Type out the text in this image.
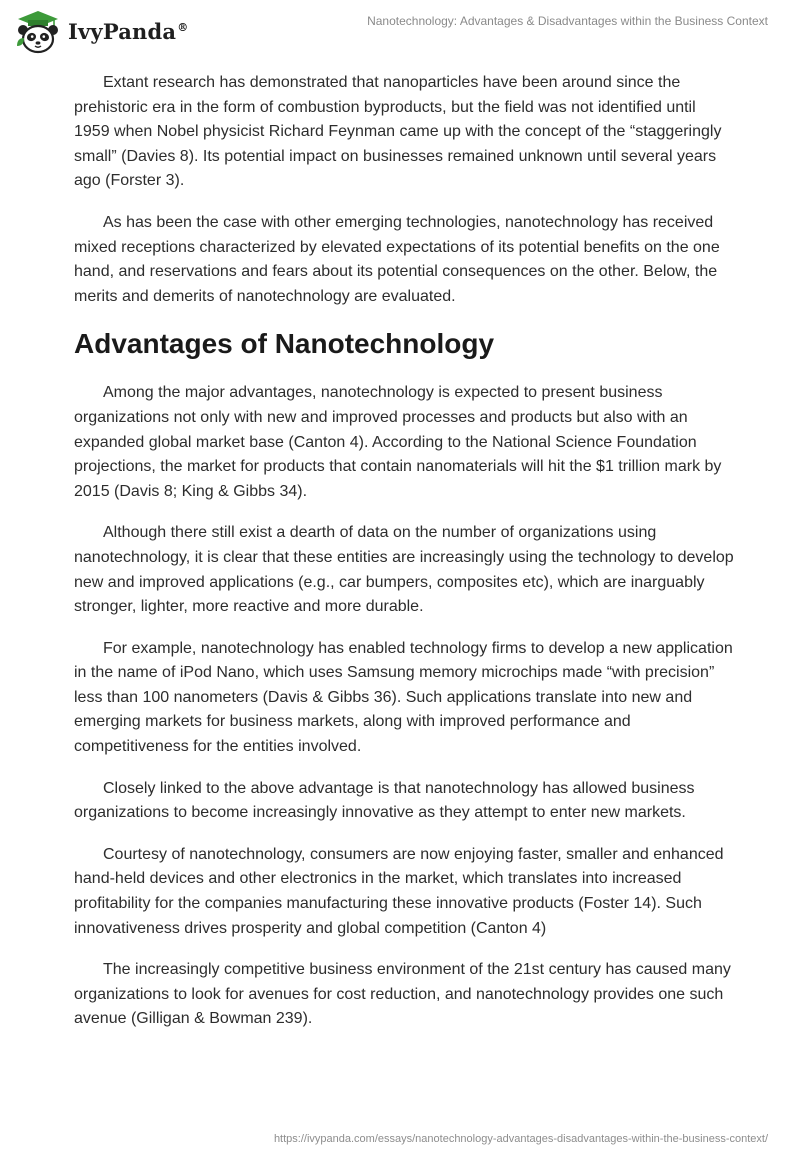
IvyPanda®	Nanotechnology: Advantages & Disadvantages within the Business Context

Extant research has demonstrated that nanoparticles have been around since the prehistoric era in the form of combustion byproducts, but the field was not identified until 1959 when Nobel physicist Richard Feynman came up with the concept of the “staggeringly small” (Davies 8). Its potential impact on businesses remained unknown until several years ago (Forster 3).

As has been the case with other emerging technologies, nanotechnology has received mixed receptions characterized by elevated expectations of its potential benefits on the one hand, and reservations and fears about its potential consequences on the other. Below, the merits and demerits of nanotechnology are evaluated.

Advantages of Nanotechnology

Among the major advantages, nanotechnology is expected to present business organizations not only with new and improved processes and products but also with an expanded global market base (Canton 4). According to the National Science Foundation projections, the market for products that contain nanomaterials will hit the $1 trillion mark by 2015 (Davis 8; King & Gibbs 34).

Although there still exist a dearth of data on the number of organizations using nanotechnology, it is clear that these entities are increasingly using the technology to develop new and improved applications (e.g., car bumpers, composites etc), which are inarguably stronger, lighter, more reactive and more durable.

For example, nanotechnology has enabled technology firms to develop a new application in the name of iPod Nano, which uses Samsung memory microchips made “with precision” less than 100 nanometers (Davis & Gibbs 36). Such applications translate into new and emerging markets for business markets, along with improved performance and competitiveness for the entities involved.

Closely linked to the above advantage is that nanotechnology has allowed business organizations to become increasingly innovative as they attempt to enter new markets.

Courtesy of nanotechnology, consumers are now enjoying faster, smaller and enhanced hand-held devices and other electronics in the market, which translates into increased profitability for the companies manufacturing these innovative products (Foster 14). Such innovativeness drives prosperity and global competition (Canton 4)

The increasingly competitive business environment of the 21st century has caused many organizations to look for avenues for cost reduction, and nanotechnology provides one such avenue (Gilligan & Bowman 239).

https://ivypanda.com/essays/nanotechnology-advantages-disadvantages-within-the-business-context/
